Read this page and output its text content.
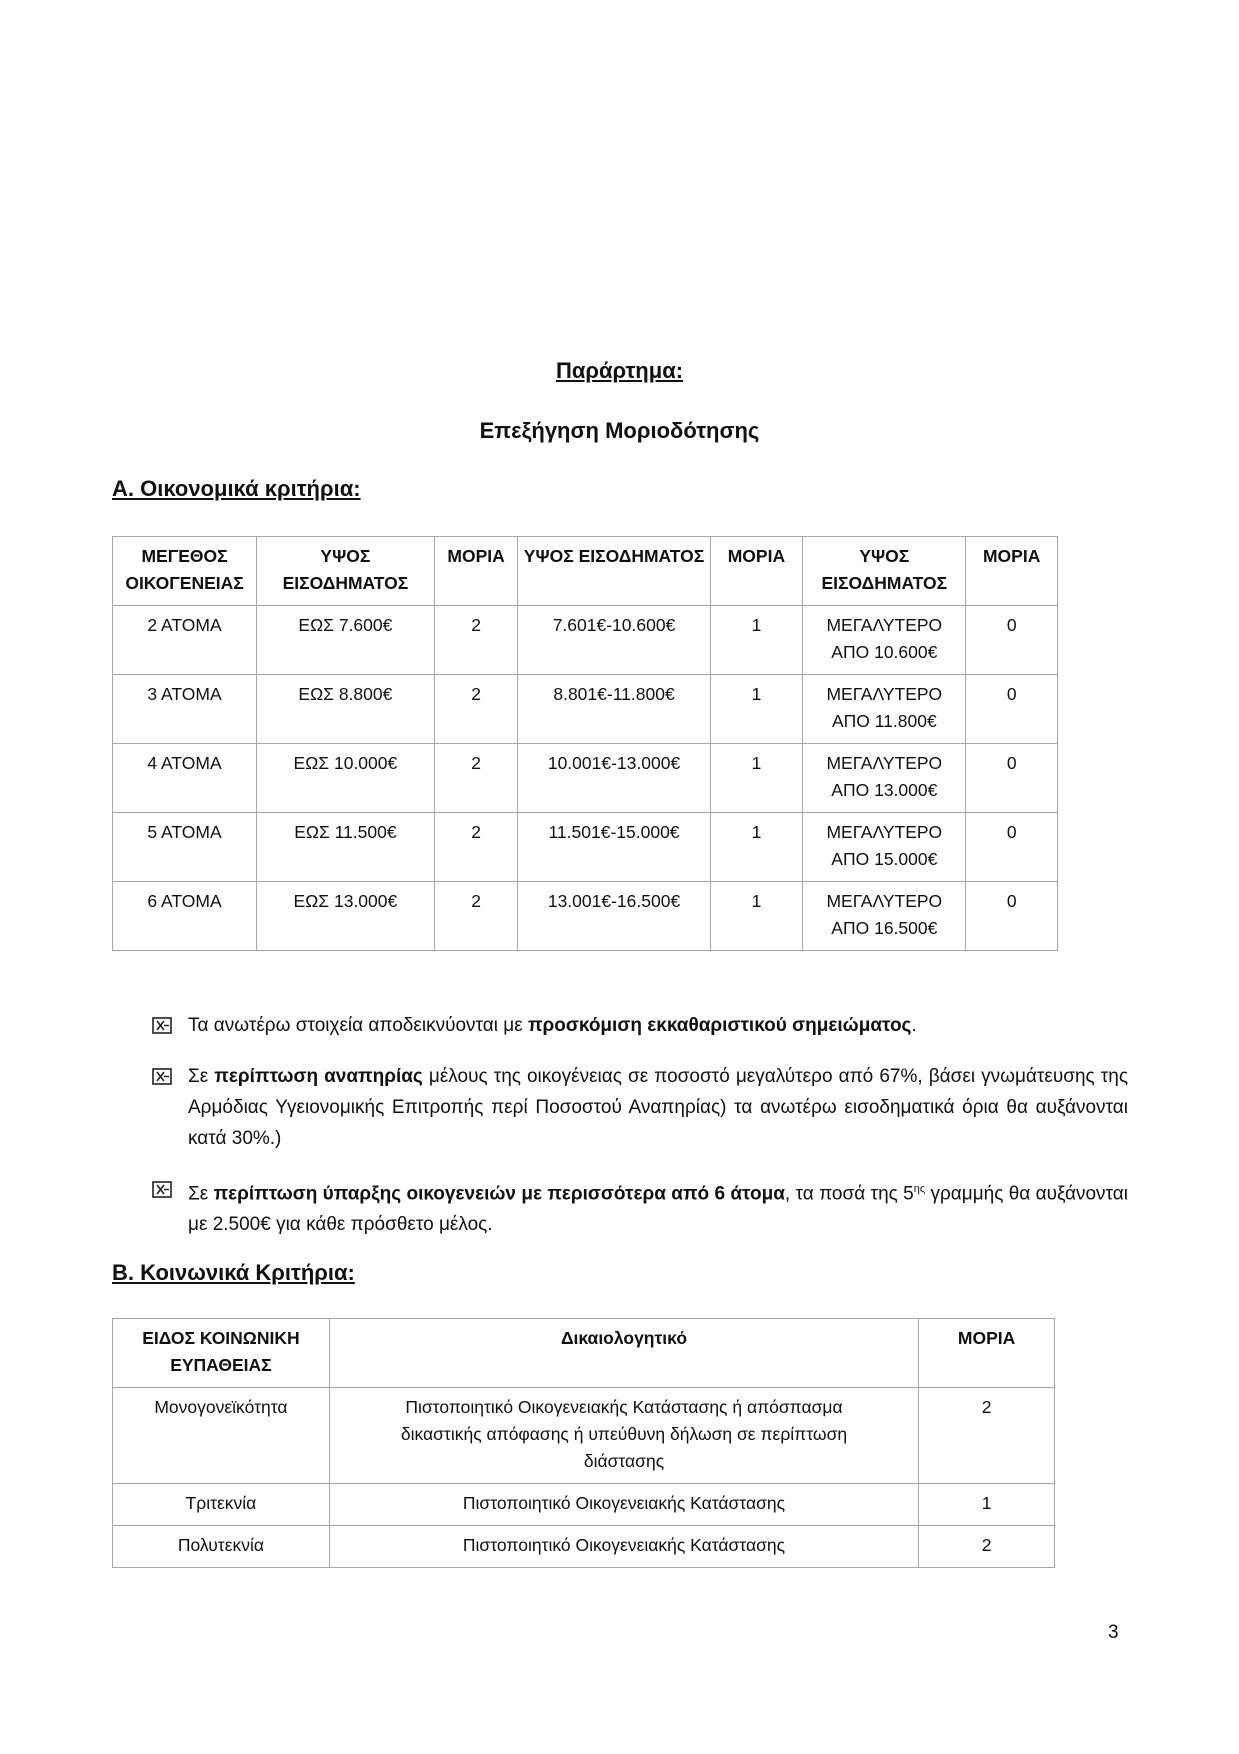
Παράρτημα:
Επεξήγηση Μοριοδότησης
Α. Οικονομικά κριτήρια:
ΜΕΓΕΘΟΣ ΟΙΚΟΓΕΝΕΙΑΣ	ΥΨΟΣ ΕΙΣΟΔΗΜΑΤΟΣ	ΜΟΡΙΑ	ΥΨΟΣ ΕΙΣΟΔΗΜΑΤΟΣ	ΜΟΡΙΑ	ΥΨΟΣ ΕΙΣΟΔΗΜΑΤΟΣ	ΜΟΡΙΑ
2 ΑΤΟΜΑ	ΕΩΣ 7.600€	2	7.601€-10.600€	1	ΜΕΓΑΛΥΤΕΡΟ ΑΠΟ 10.600€	0
3 ΑΤΟΜΑ	ΕΩΣ 8.800€	2	8.801€-11.800€	1	ΜΕΓΑΛΥΤΕΡΟ ΑΠΟ 11.800€	0
4 ΑΤΟΜΑ	ΕΩΣ 10.000€	2	10.001€-13.000€	1	ΜΕΓΑΛΥΤΕΡΟ ΑΠΟ 13.000€	0
5 ΑΤΟΜΑ	ΕΩΣ 11.500€	2	11.501€-15.000€	1	ΜΕΓΑΛΥΤΕΡΟ ΑΠΟ 15.000€	0
6 ΑΤΟΜΑ	ΕΩΣ 13.000€	2	13.001€-16.500€	1	ΜΕΓΑΛΥΤΕΡΟ ΑΠΟ 16.500€	0
Τα ανωτέρω στοιχεία αποδεικνύονται με προσκόμιση εκκαθαριστικού σημειώματος.
Σε περίπτωση αναπηρίας μέλους της οικογένειας σε ποσοστό μεγαλύτερο από 67%, βάσει γνωμάτευσης της Αρμόδιας Υγειονομικής Επιτροπής περί Ποσοστού Αναπηρίας) τα ανωτέρω εισοδηματικά όρια θα αυξάνονται κατά 30%.)
Σε περίπτωση ύπαρξης οικογενειών με περισσότερα από 6 άτομα, τα ποσά της $5^{\eta\varsigma}$ γραμμής θα αυξάνονται με 2.500€ για κάθε πρόσθετο μέλος.
Β. Κοινωνικά Κριτήρια:
ΕΙΔΟΣ ΚΟΙΝΩΝΙΚΗ ΕΥΠΑΘΕΙΑΣ	Δικαιολογητικό	ΜΟΡΙΑ
Μονογονεϊκότητα	Πιστοποιητικό Οικογενειακής Κατάστασης ή απόσπασμα δικαστικής απόφασης ή υπεύθυνη δήλωση σε περίπτωση διάστασης	2
Τριτεκνία	Πιστοποιητικό Οικογενειακής Κατάστασης	1
Πολυτεκνία	Πιστοποιητικό Οικογενειακής Κατάστασης	2
3
